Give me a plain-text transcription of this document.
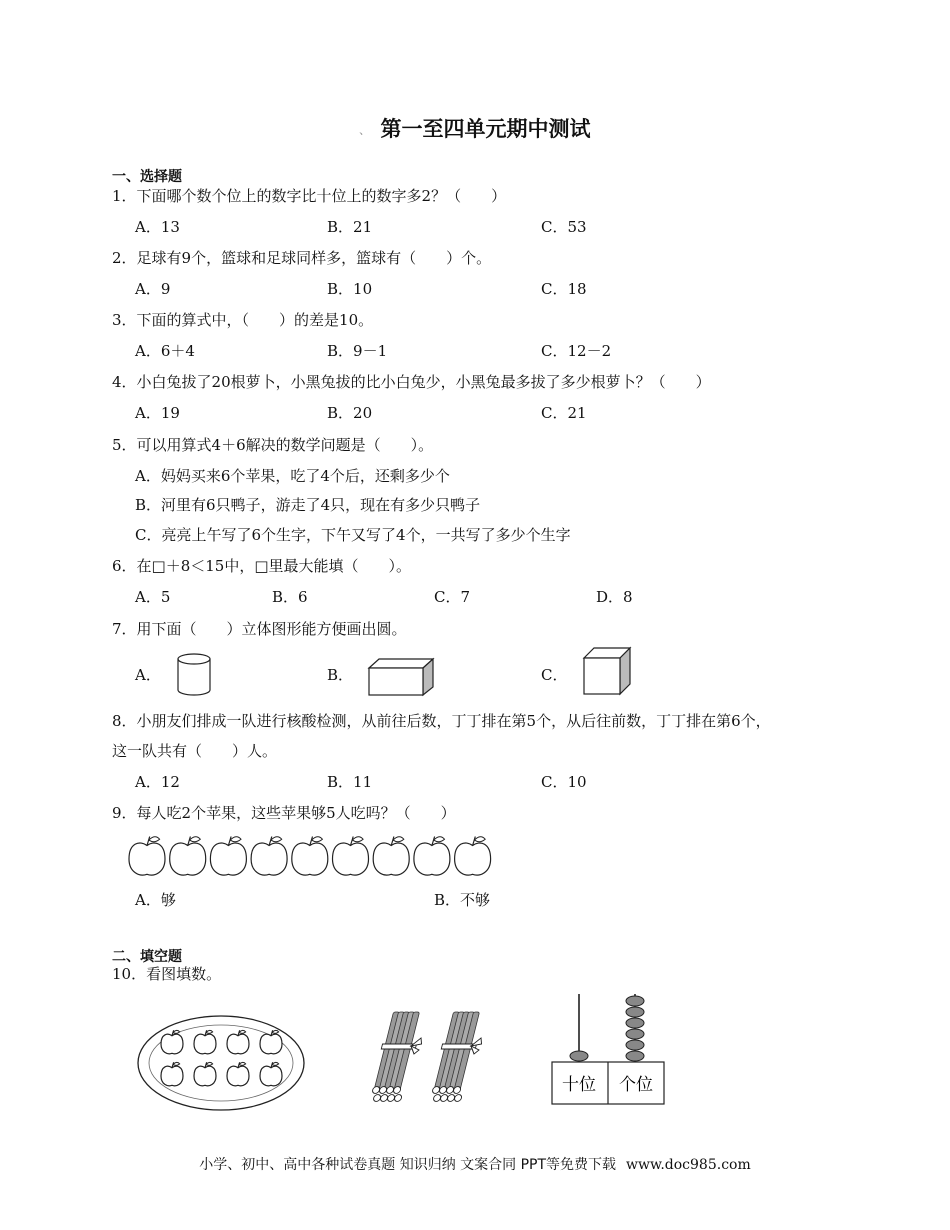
、 第一至四单元期中测试
一、选择题
1．下面哪个数个位上的数字比十位上的数字多2？（　　）
A．13	B．21	C．53
2．足球有9个，篮球和足球同样多，篮球有（　　）个。
A．9	B．10	C．18
3．下面的算式中，（　　）的差是10。
A．6＋4	B．9－1	C．12－2
4．小白兔拔了20根萝卜，小黑兔拔的比小白兔少，小黑兔最多拔了多少根萝卜？（　　）
A．19	B．20	C．21
5．可以用算式4＋6解决的数学问题是（　　）。
A．妈妈买来6个苹果，吃了4个后，还剩多少个
B．河里有6只鸭子，游走了4只，现在有多少只鸭子
C．亮亮上午写了6个生字，下午又写了4个，一共写了多少个生字
6．在□＋8＜15中，□里最大能填（　　）。
A．5	B．6	C．7	D．8
7．用下面（　　）立体图形能方便画出圆。
A．	B．	C．
8．小朋友们排成一队进行核酸检测，从前往后数，丁丁排在第5个，从后往前数，丁丁排在第6个，
这一队共有（　　）人。
A．12	B．11	C．10
9．每人吃2个苹果，这些苹果够5人吃吗？（　　）
A．够	B．不够
二、填空题
10．看图填数。
十位 个位
小学、初中、高中各种试卷真题 知识归纳 文案合同 PPT等免费下载 www.doc985.com
